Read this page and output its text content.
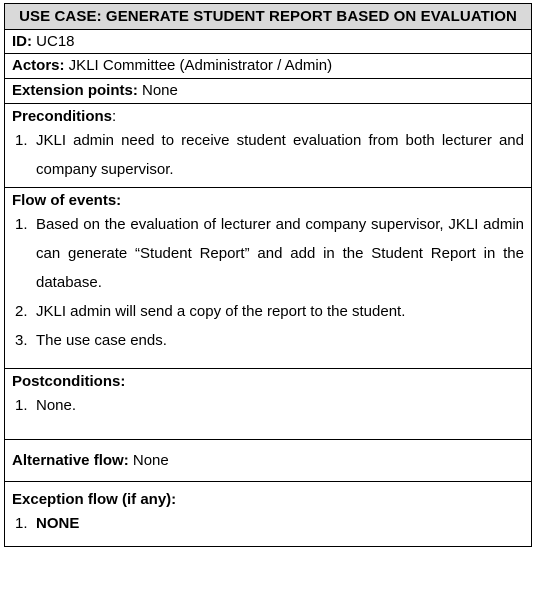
USE CASE: GENERATE STUDENT REPORT BASED ON EVALUATION
ID: UC18
Actors: JKLI Committee (Administrator / Admin)
Extension points: None

Preconditions:
1. JKLI admin need to receive student evaluation from both lecturer and company supervisor.

Flow of events:
1. Based on the evaluation of lecturer and company supervisor, JKLI admin can generate “Student Report” and add in the Student Report in the database.
2. JKLI admin will send a copy of the report to the student.
3. The use case ends.

Postconditions:
1. None.

Alternative flow: None

Exception flow (if any):
1. NONE
